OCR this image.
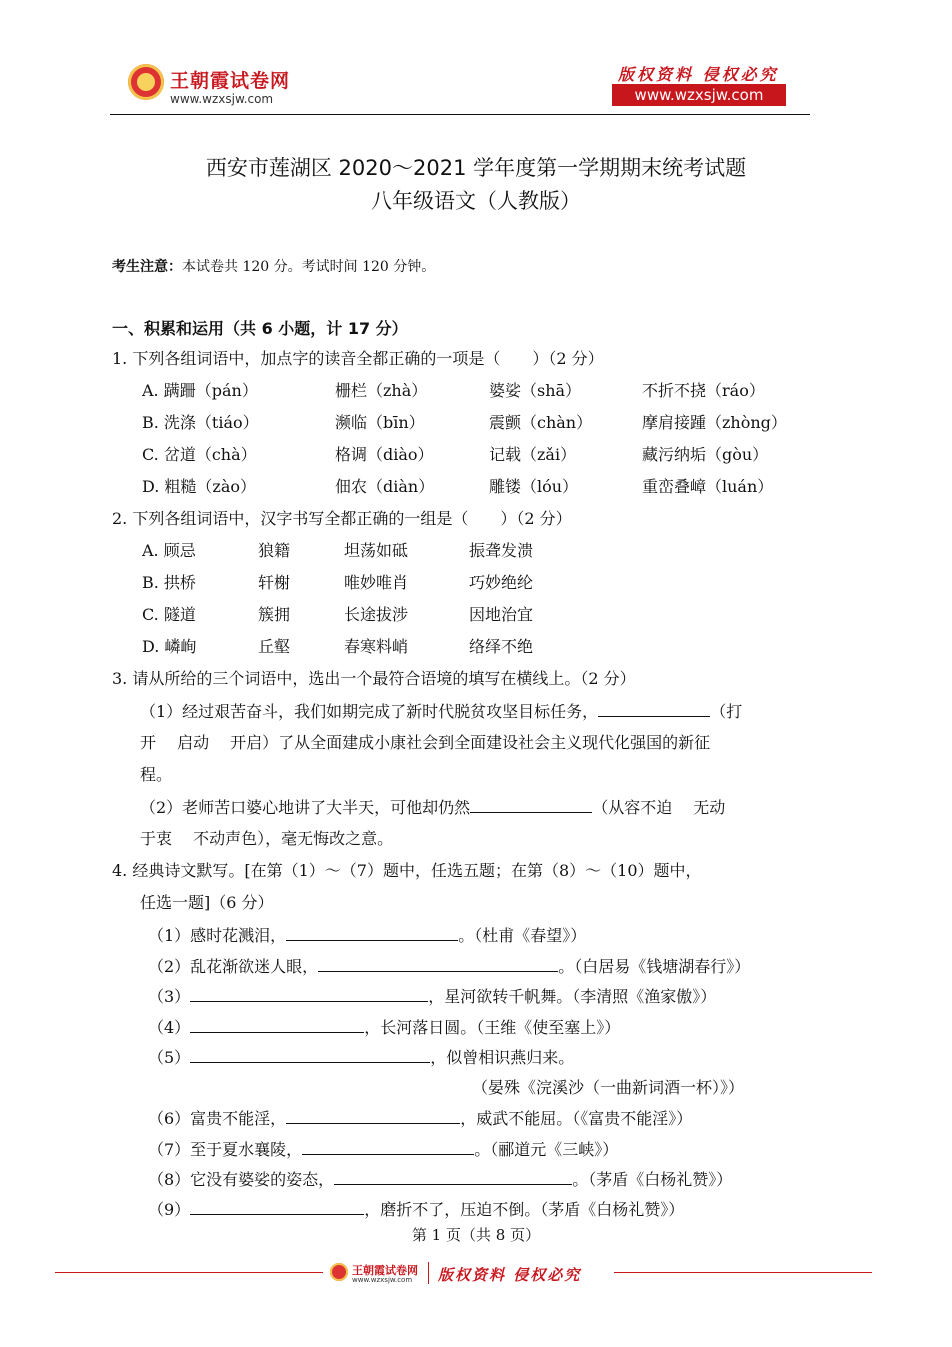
王朝霞试卷网
www.wzxsjw.com
版权资料 侵权必究
www.wzxsjw.com
西安市莲湖区 2020～2021 学年度第一学期期末统考试题
八年级语文（人教版）
考生注意：本试卷共 120 分。考试时间 120 分钟。
一、积累和运用（共 6 小题，计 17 分）
1. 下列各组词语中，加点字的读音全都正确的一项是（　　）（2 分）
A. 蹒跚（pán）	栅栏（zhà）	婆娑（shā）	不折不挠（ráo）
B. 洗涤（tiáo）	濒临（bīn）	震颤（chàn）	摩肩接踵（zhòng）
C. 岔道（chà）	格调（diào）	记载（zǎi）	藏污纳垢（gòu）
D. 粗糙（zào）	佃农（diàn）	雕镂（lóu）	重峦叠嶂（luán）
2. 下列各组词语中，汉字书写全都正确的一组是（　　）（2 分）
A. 顾忌	狼籍	坦荡如砥	振聋发溃
B. 拱桥	轩榭	唯妙唯肖	巧妙绝纶
C. 隧道	簇拥	长途拔涉	因地治宜
D. 嶙峋	丘壑	春寒料峭	络绎不绝
3. 请从所给的三个词语中，选出一个最符合语境的填写在横线上。（2 分）
（1）经过艰苦奋斗，我们如期完成了新时代脱贫攻坚目标任务，	（打
开　 启动　 开启）了从全面建成小康社会到全面建设社会主义现代化强国的新征
程。
（2）老师苦口婆心地讲了大半天，可他却仍然	（从容不迫　 无动
于衷　 不动声色），毫无悔改之意。
4. 经典诗文默写。[在第（1）～（7）题中，任选五题；在第（8）～（10）题中，
任选一题]（6 分）
（1）感时花溅泪，	。（杜甫《春望》）
（2）乱花渐欲迷人眼，	。（白居易《钱塘湖春行》）
（3）	，星河欲转千帆舞。（李清照《渔家傲》）
（4）	，长河落日圆。（王维《使至塞上》）
（5）	，似曾相识燕归来。
（晏殊《浣溪沙（一曲新词酒一杯）》）
（6）富贵不能淫，	，威武不能屈。（《富贵不能淫》）
（7）至于夏水襄陵，	。（郦道元《三峡》）
（8）它没有婆娑的姿态，	。（茅盾《白杨礼赞》）
（9）	，磨折不了，压迫不倒。（茅盾《白杨礼赞》）
第 1 页（共 8 页）
王朝霞试卷网
www.wzxsjw.com 版权资料 侵权必究
